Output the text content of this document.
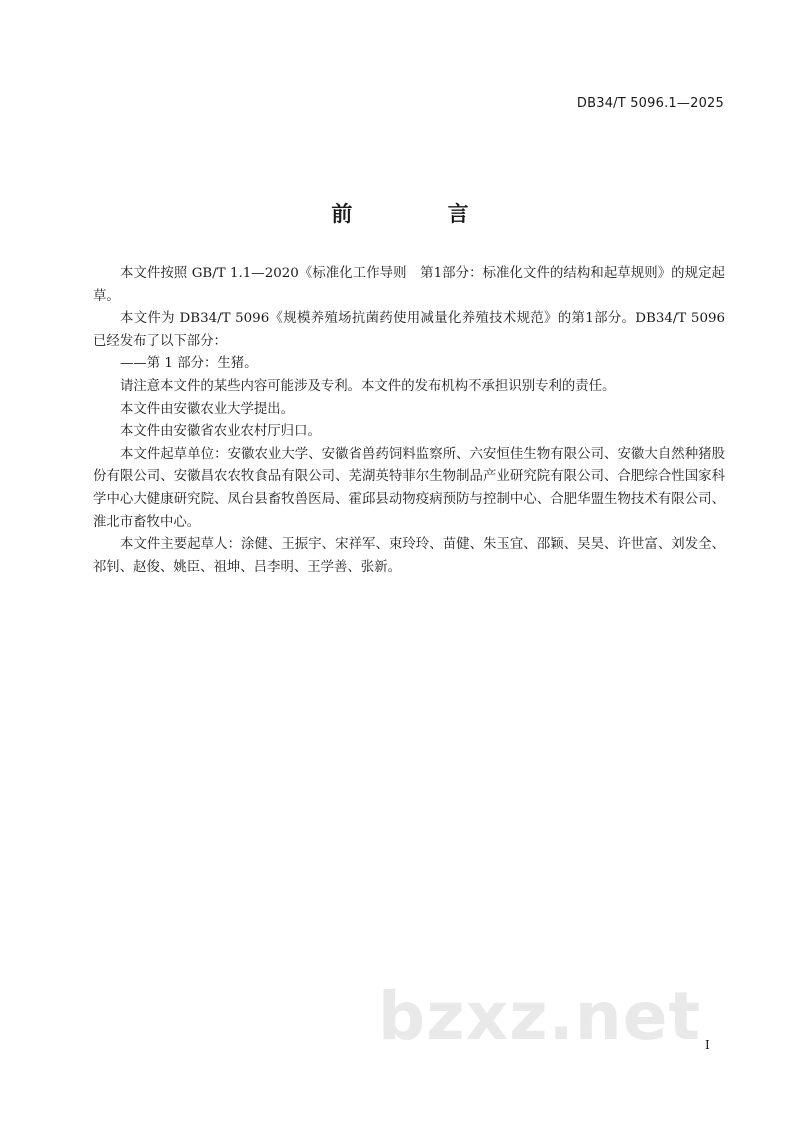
DB34/T 5096.1—2025
前 言

本文件按照 GB/T 1.1—2020《标准化工作导则　第1部分：标准化文件的结构和起草规则》的规定起草。

本文件为 DB34/T 5096《规模养殖场抗菌药使用减量化养殖技术规范》的第1部分。DB34/T 5096已经发布了以下部分：

——第 1 部分：生猪。

请注意本文件的某些内容可能涉及专利。本文件的发布机构不承担识别专利的责任。

本文件由安徽农业大学提出。

本文件由安徽省农业农村厅归口。

本文件起草单位：安徽农业大学、安徽省兽药饲料监察所、六安恒佳生物有限公司、安徽大自然种猪股份有限公司、安徽昌农农牧食品有限公司、芜湖英特菲尔生物制品产业研究院有限公司、合肥综合性国家科学中心大健康研究院、凤台县畜牧兽医局、霍邱县动物疫病预防与控制中心、合肥华盟生物技术有限公司、淮北市畜牧中心。

本文件主要起草人：涂健、王振宇、宋祥军、束玲玲、苗健、朱玉宜、邵颖、吴昊、许世富、刘发全、祁钊、赵俊、姚臣、祖坤、吕李明、王学善、张新。

bzxz.net I
